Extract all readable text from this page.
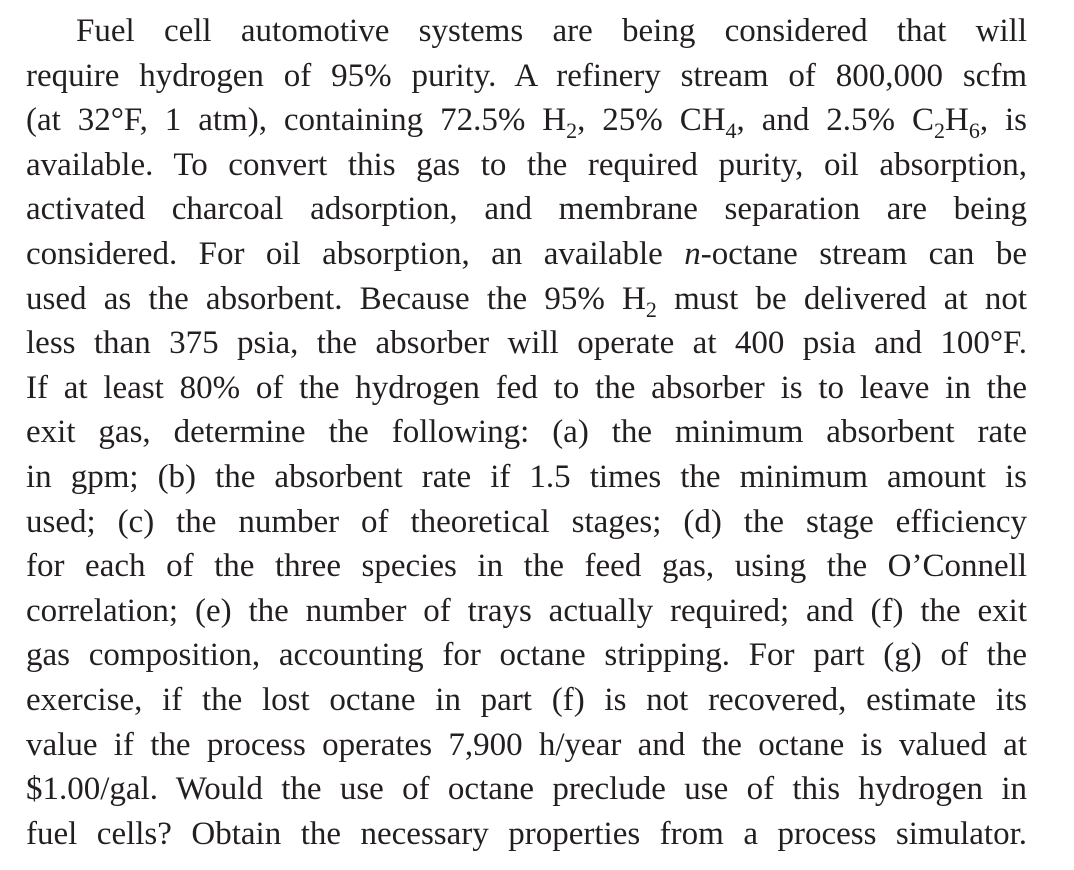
Fuel cell automotive systems are being considered that will
require hydrogen of 95% purity. A refinery stream of 800,000 scfm
(at 32°F, 1 atm), containing 72.5% $H_2$, 25% $CH_4$, and 2.5% $C_2H_6$, is
available. To convert this gas to the required purity, oil absorption,
activated charcoal adsorption, and membrane separation are being
considered. For oil absorption, an available n-octane stream can be
used as the absorbent. Because the 95% $H_2$ must be delivered at not
less than 375 psia, the absorber will operate at 400 psia and 100°F.
If at least 80% of the hydrogen fed to the absorber is to leave in the
exit gas, determine the following: (a) the minimum absorbent rate
in gpm; (b) the absorbent rate if 1.5 times the minimum amount is
used; (c) the number of theoretical stages; (d) the stage efficiency
for each of the three species in the feed gas, using the O’Connell
correlation; (e) the number of trays actually required; and (f) the exit
gas composition, accounting for octane stripping. For part (g) of the
exercise, if the lost octane in part (f) is not recovered, estimate its
value if the process operates 7,900 h/year and the octane is valued at
$1.00/gal. Would the use of octane preclude use of this hydrogen in
fuel cells? Obtain the necessary properties from a process simulator.
